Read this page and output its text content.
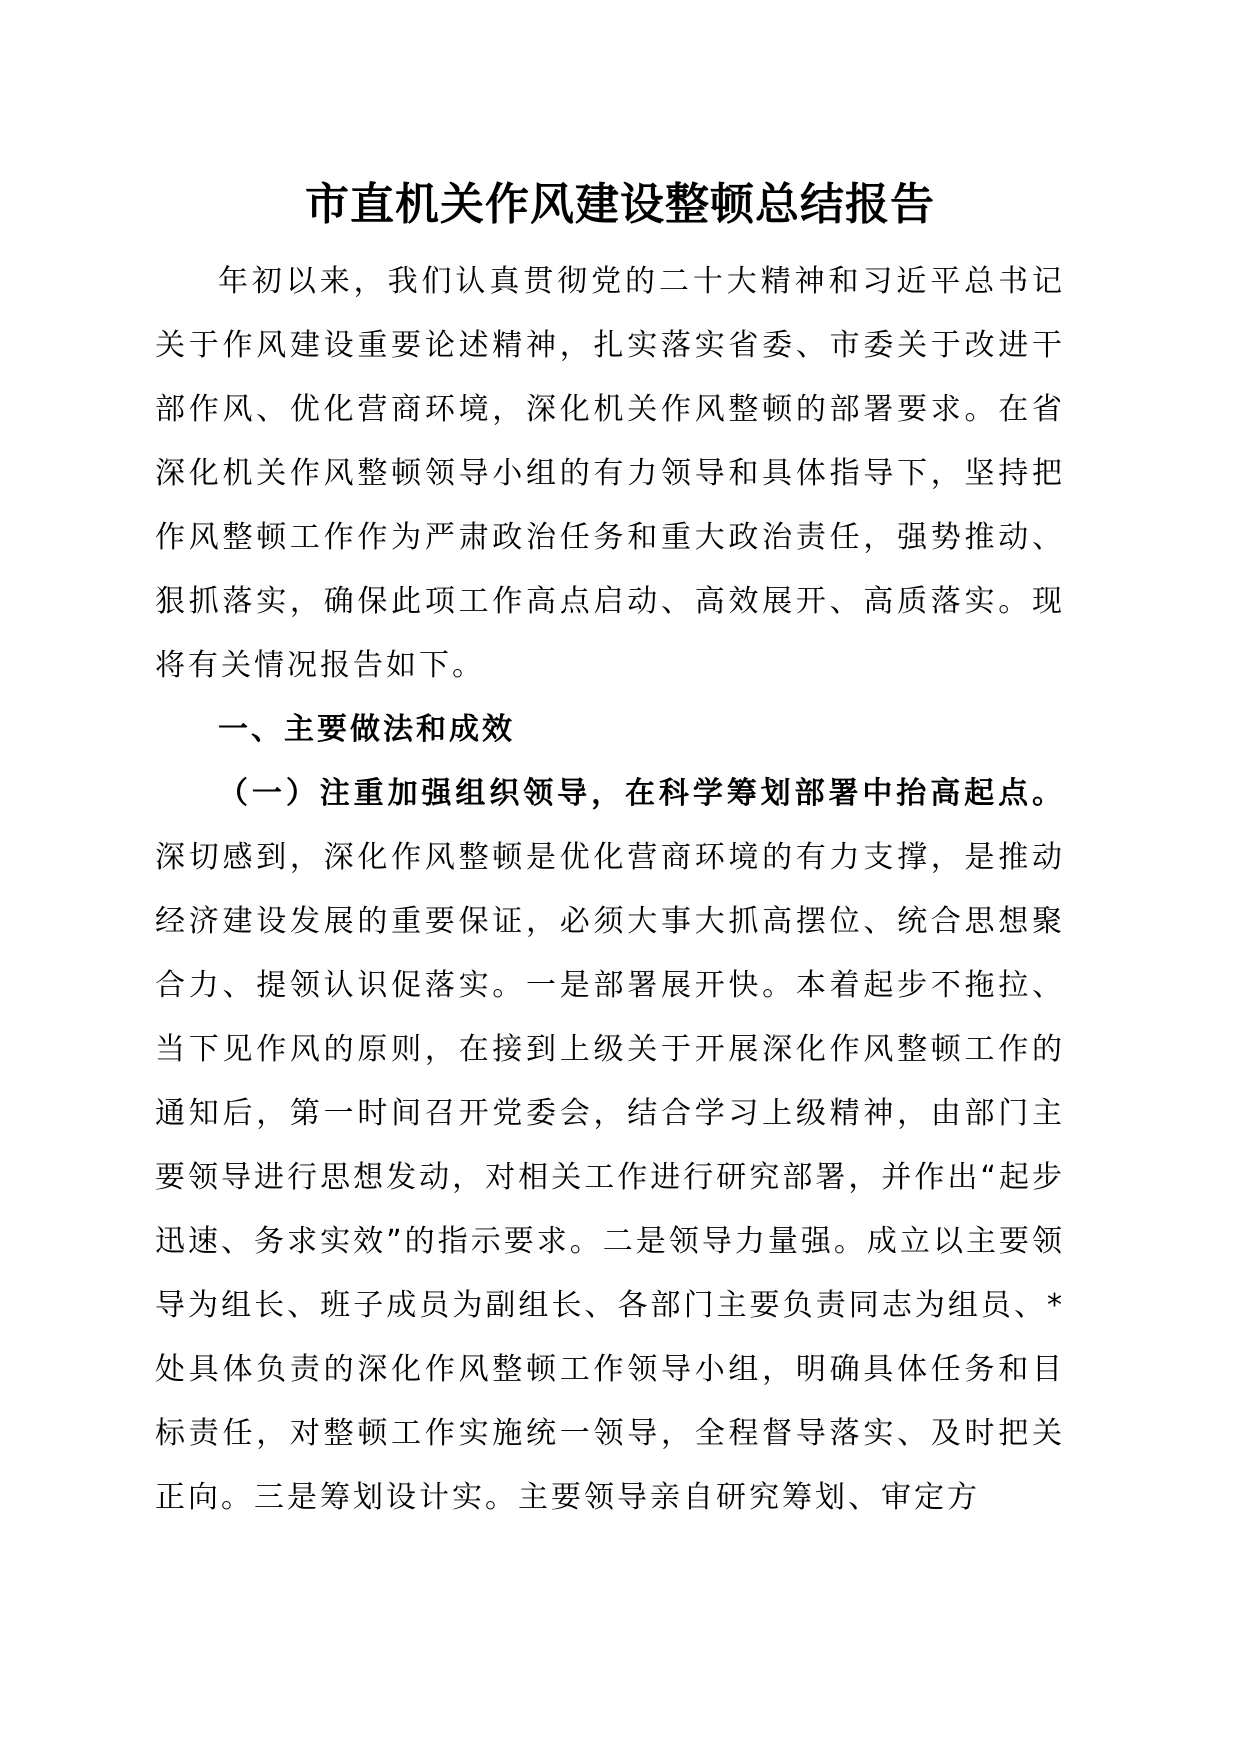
市直机关作风建设整顿总结报告

年初以来，我们认真贯彻党的二十大精神和习近平总书记关于作风建设重要论述精神，扎实落实省委、市委关于改进干部作风、优化营商环境，深化机关作风整顿的部署要求。在省深化机关作风整顿领导小组的有力领导和具体指导下，坚持把作风整顿工作作为严肃政治任务和重大政治责任，强势推动、狠抓落实，确保此项工作高点启动、高效展开、高质落实。现将有关情况报告如下。

一、主要做法和成效

（一）注重加强组织领导，在科学筹划部署中抬高起点。深切感到，深化作风整顿是优化营商环境的有力支撑，是推动经济建设发展的重要保证，必须大事大抓高摆位、统合思想聚合力、提领认识促落实。一是部署展开快。本着起步不拖拉、当下见作风的原则，在接到上级关于开展深化作风整顿工作的通知后，第一时间召开党委会，结合学习上级精神，由部门主要领导进行思想发动，对相关工作进行研究部署，并作出“起步迅速、务求实效”的指示要求。二是领导力量强。成立以主要领导为组长、班子成员为副组长、各部门主要负责同志为组员、*处具体负责的深化作风整顿工作领导小组，明确具体任务和目标责任，对整顿工作实施统一领导，全程督导落实、及时把关正向。三是筹划设计实。主要领导亲自研究筹划、审定方
